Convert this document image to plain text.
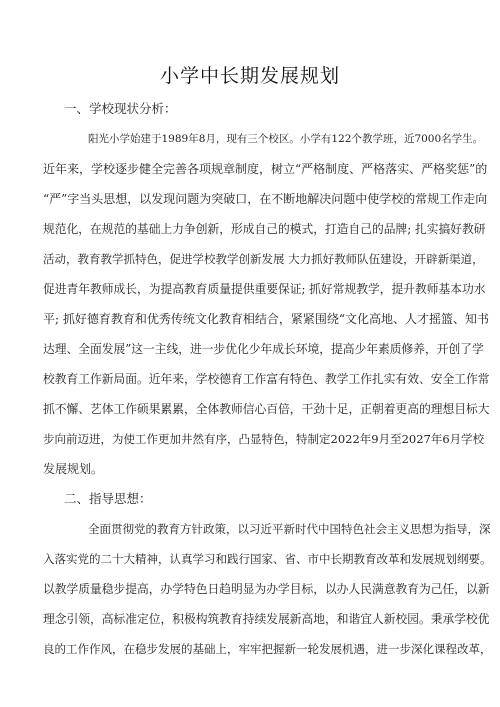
小学中长期发展规划
一、学校现状分析：
阳光小学始建于1989年8月，现有三个校区。小学有122个教学班，近7000名学生。
近年来，学校逐步健全完善各项规章制度，树立“严格制度、严格落实、严格奖惩”的
“严”字当头思想，以发现问题为突破口，在不断地解决问题中使学校的常规工作走向
规范化，在规范的基础上力争创新，形成自己的模式，打造自己的品牌; 扎实搞好教研
活动，教育教学抓特色，促进学校教学创新发展 大力抓好教师队伍建设，开辟新渠道，
促进青年教师成长，为提高教育质量提供重要保证; 抓好常规教学，提升教师基本功水
平; 抓好德育教育和优秀传统文化教育相结合，紧紧围绕“文化高地、人才摇篮、知书
达理、全面发展”这一主线，进一步优化少年成长环境，提高少年素质修养，开创了学
校教育工作新局面。近年来，学校德育工作富有特色、教学工作扎实有效、安全工作常
抓不懈、艺体工作硕果累累，全体教师信心百倍，干劲十足，正朝着更高的理想目标大
步向前迈进，为使工作更加井然有序，凸显特色，特制定2022年9月至2027年6月学校
发展规划。
二、指导思想：
全面贯彻党的教育方针政策，以习近平新时代中国特色社会主义思想为指导，深
入落实党的二十大精神，认真学习和践行国家、省、市中长期教育改革和发展规划纲要。
以教学质量稳步提高，办学特色日趋明显为办学目标，以办人民满意教育为己任，以新
理念引领，高标准定位，积极构筑教育持续发展新高地，和谐宜人新校园。秉承学校优
良的工作作风，在稳步发展的基础上，牢牢把握新一轮发展机遇，进一步深化课程改革，
